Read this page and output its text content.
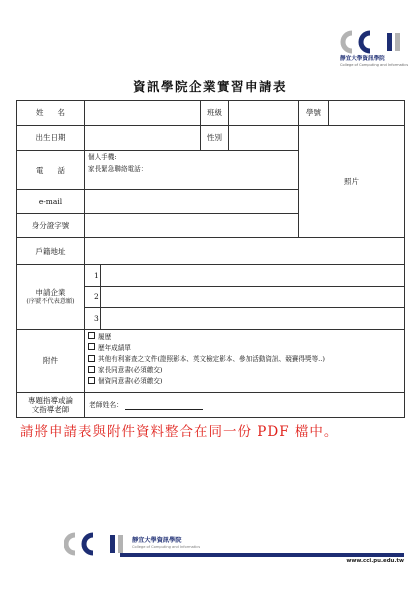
靜宜大學資訊學院
College of Computing and Informatics
資訊學院企業實習申請表
姓名			班級		學號	
出生日期			性別		照片	
電話	個人手機:
家長緊急聯絡電話：					

e-mail						
身分證字號						
戶籍地址						

申請企業
(序號不代表意願)	1					
	2					
	3					
附件	履歷
歷年成績單
其他有利審查之文件(證照影本、英文檢定影本、參加活動資訊、競賽得獎等..)
家長同意書(必須繳交)
個資同意書(必須繳交)					

專題指導或論
文指導老師	老師姓名：					
請將申請表與附件資料整合在同一份 PDF 檔中。
靜宜大學資訊學院
College of Computing and Informatics
www.cci.pu.edu.tw
